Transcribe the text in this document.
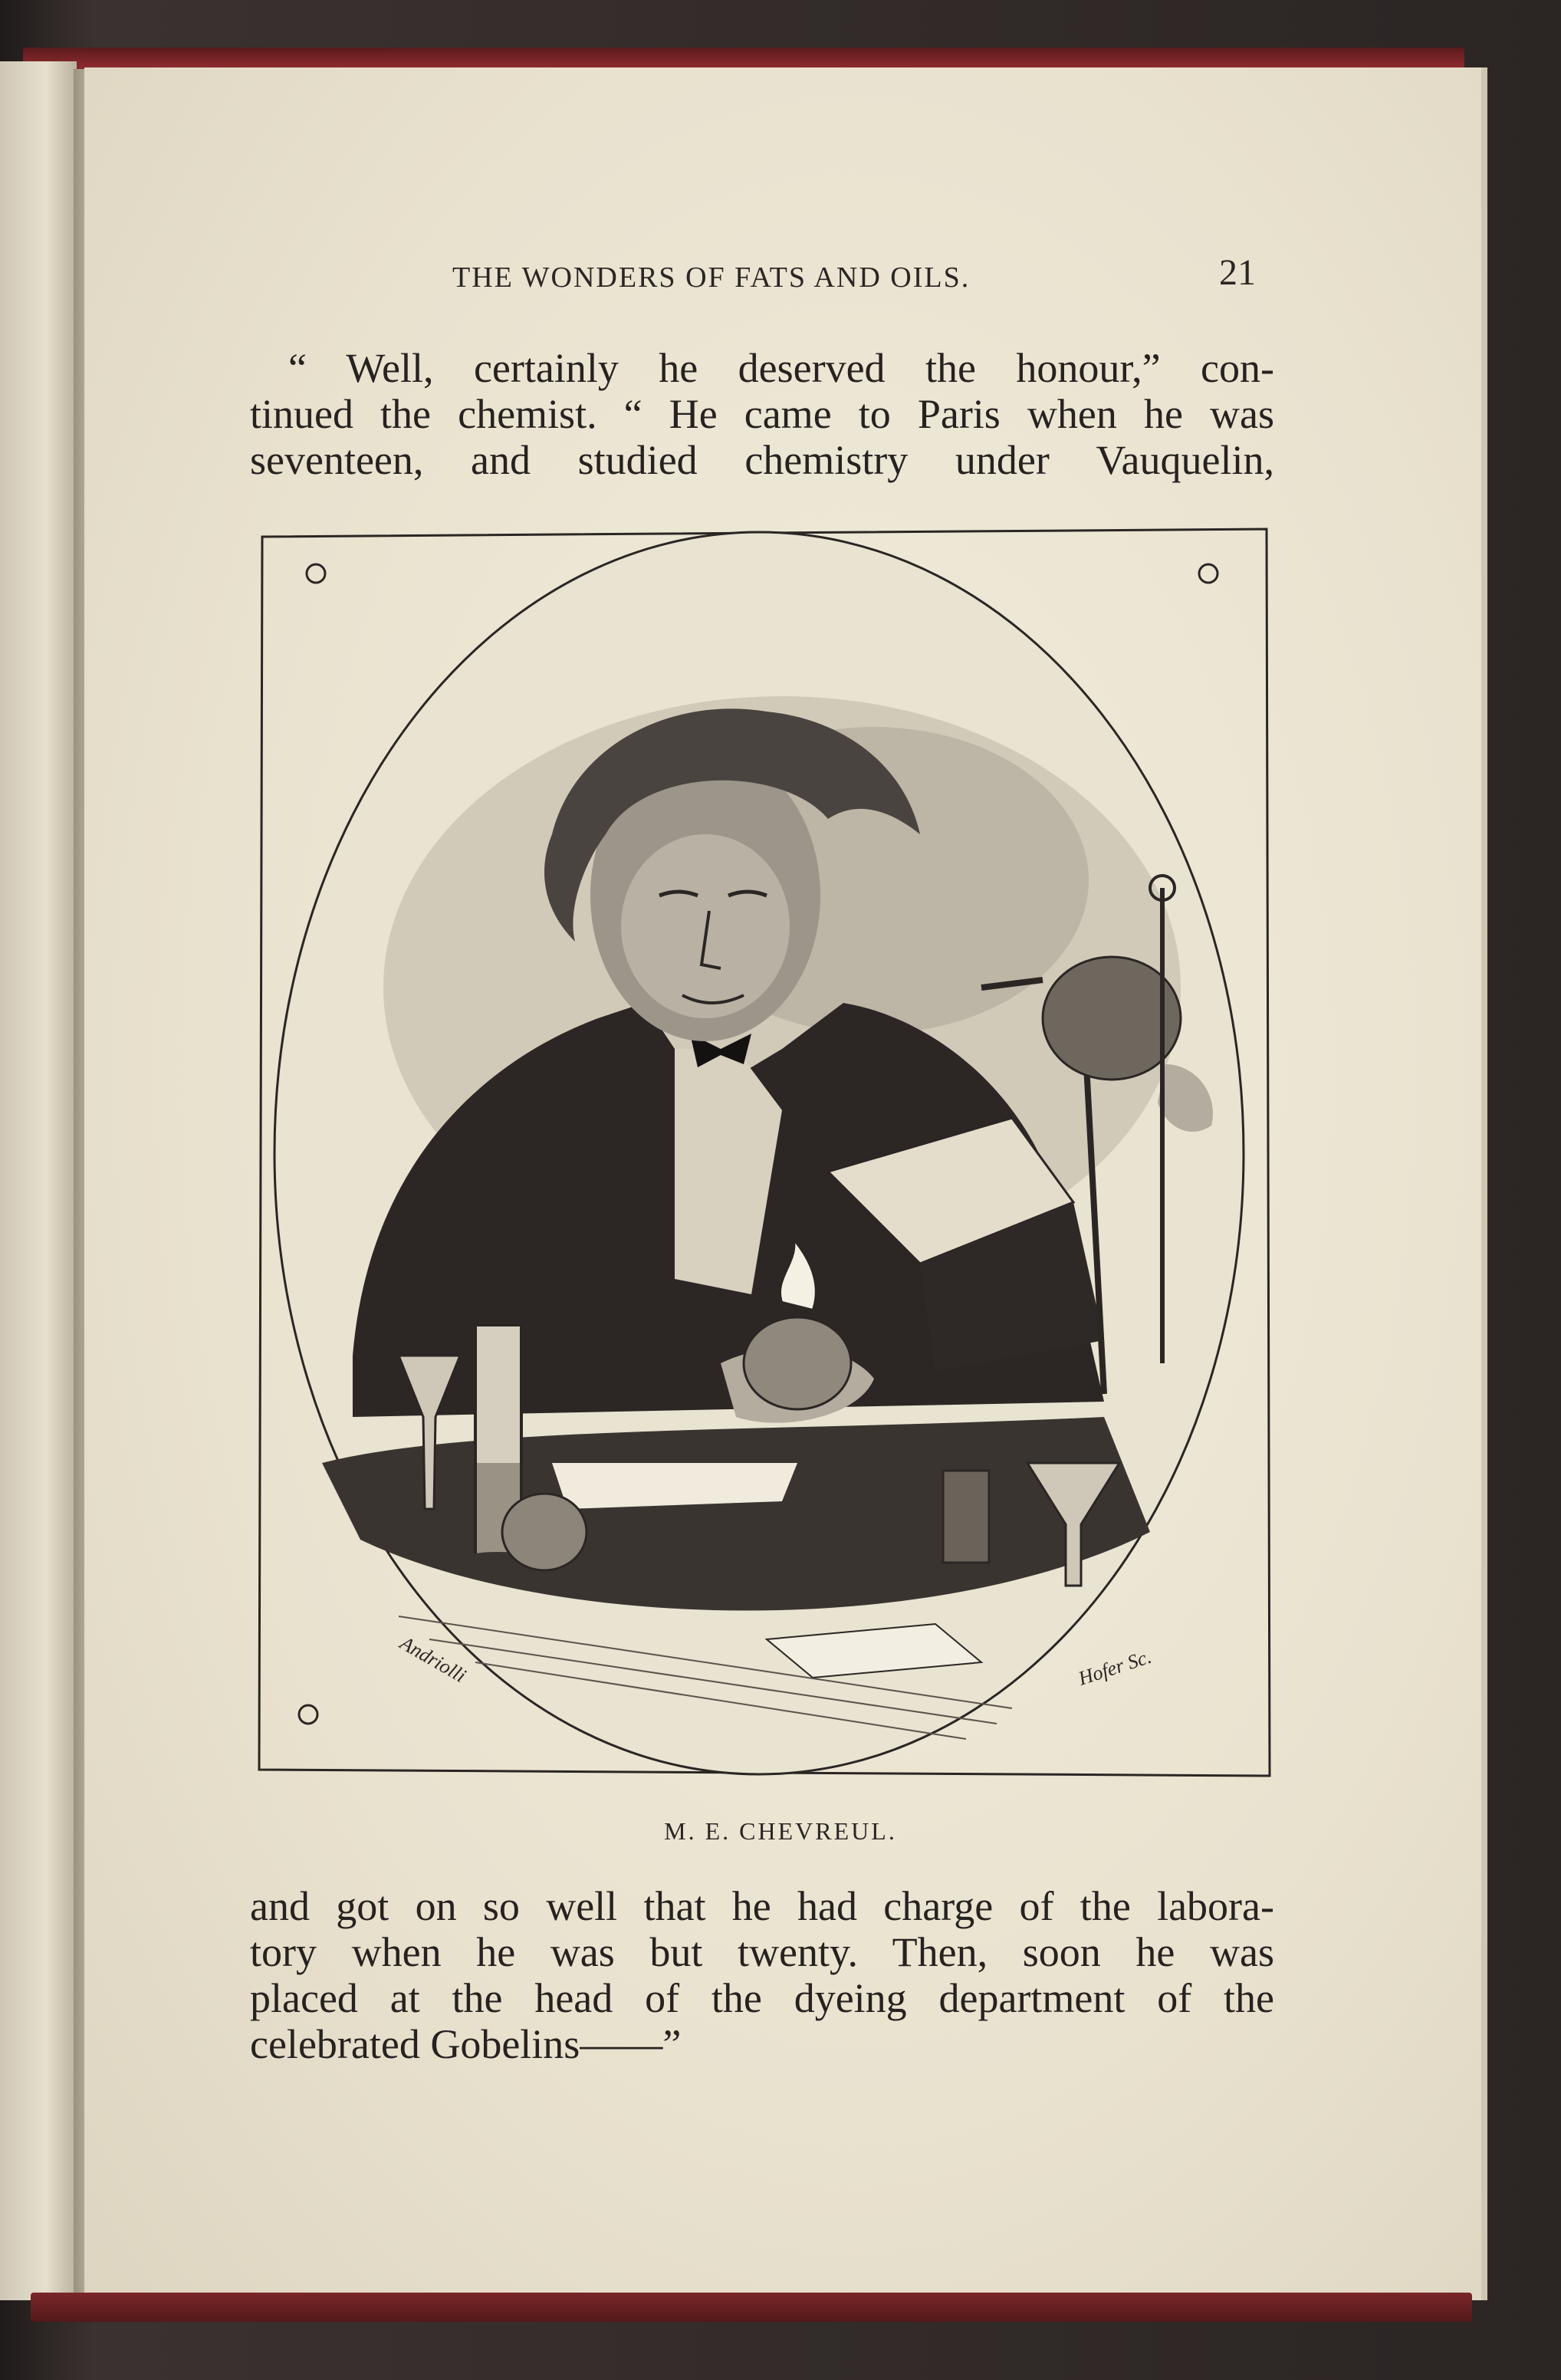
THE WONDERS OF FATS AND OILS.	21

“ Well, certainly he deserved the honour,” con-

tinued the chemist. “ He came to Paris when he was

seventeen, and studied chemistry under Vauquelin,

Andriolli	Hofer Sc.
M. E. CHEVREUL.

and got on so well that he had charge of the labora-

tory when he was but twenty. Then, soon he was

placed at the head of the dyeing department of the

celebrated Gobelins——”
